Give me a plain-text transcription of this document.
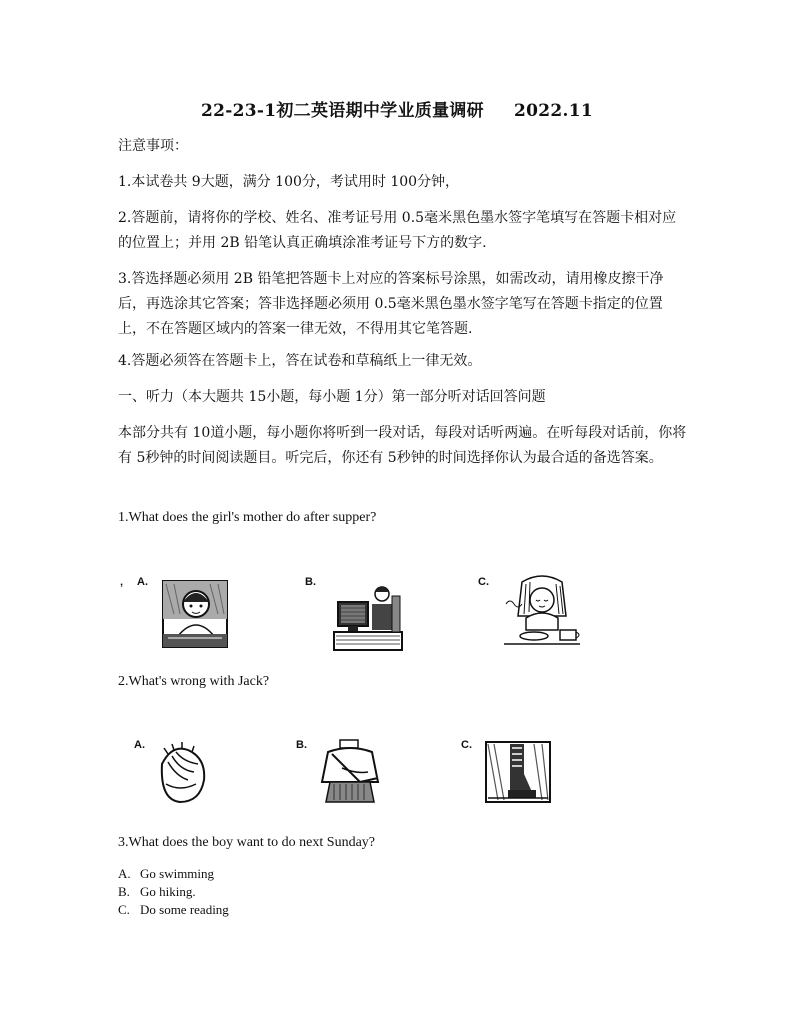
22-23-1初二英语期中学业质量调研 2022.11
注意事项：
1.本试卷共 9大题，满分 100分，考试用时 100分钟，
2.答题前，请将你的学校、姓名、准考证号用 0.5毫米黑色墨水签字笔填写在答题卡相对应的位置上；并用 2B 铅笔认真正确填涂准考证号下方的数字.
3.答选择题必须用 2B 铅笔把答题卡上对应的答案标号涂黑，如需改动，请用橡皮擦干净后，再选涂其它答案；答非选择题必须用 0.5毫米黑色墨水签字笔写在答题卡指定的位置上，不在答题区域内的答案一律无效，不得用其它笔答题.
4.答题必须答在答题卡上，答在试卷和草稿纸上一律无效。
一、听力（本大题共 15小题，每小题 1分）第一部分听对话回答问题
本部分共有 10道小题，每小题你将听到一段对话，每段对话听两遍。在听每段对话前，你将有 5秒钟的时间阅读题目。听完后，你还有 5秒钟的时间选择你认为最合适的备选答案。
1.What does the girl's mother do after supper?
‚ A.	B.	C.
2.What's wrong with Jack?
A.	B.	C.
3.What does the boy want to do next Sunday?
A. Go swimming
B. Go hiking.
C. Do some reading
